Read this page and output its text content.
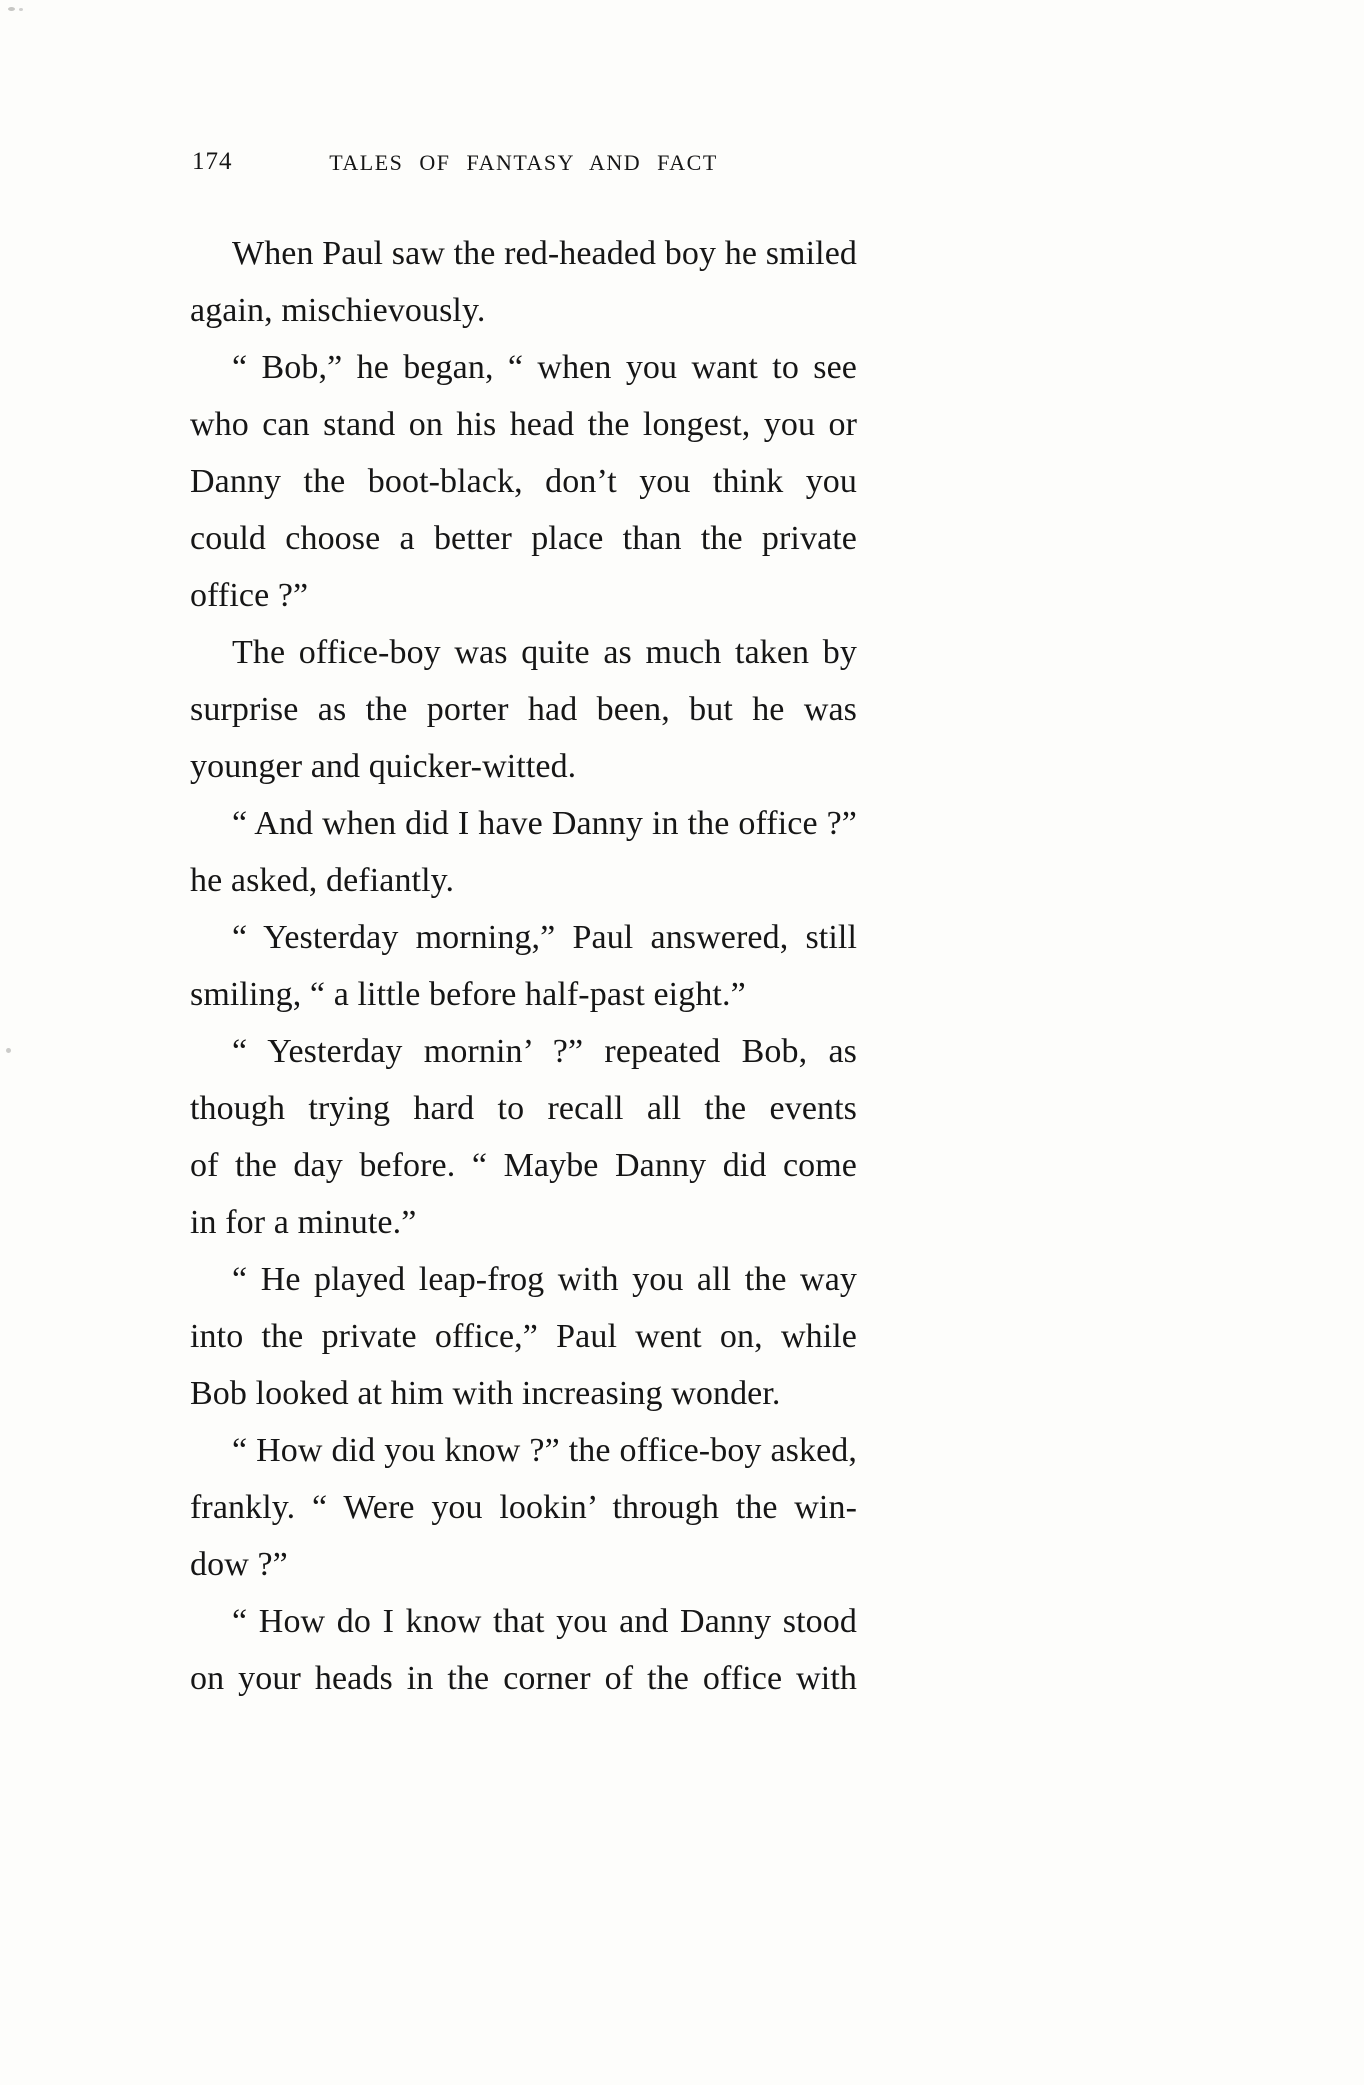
174	TALES OF FANTASY AND FACT
When Paul saw the red-headed boy he smiled
again, mischievously.
“ Bob,” he began, “ when you want to see
who can stand on his head the longest, you or
Danny the boot-black, don’t you think you
could choose a better place than the private
office ?”
The office-boy was quite as much taken by
surprise as the porter had been, but he was
younger and quicker-witted.
“ And when did I have Danny in the office ?”
he asked, defiantly.
“ Yesterday morning,” Paul answered, still
smiling, “ a little before half-past eight.”
“ Yesterday mornin’ ?” repeated Bob, as
though trying hard to recall all the events
of the day before. “ Maybe Danny did come
in for a minute.”
“ He played leap-frog with you all the way
into the private office,” Paul went on, while
Bob looked at him with increasing wonder.
“ How did you know ?” the office-boy asked,
frankly. “ Were you lookin’ through the win-
dow ?”
“ How do I know that you and Danny stood
on your heads in the corner of the office with
